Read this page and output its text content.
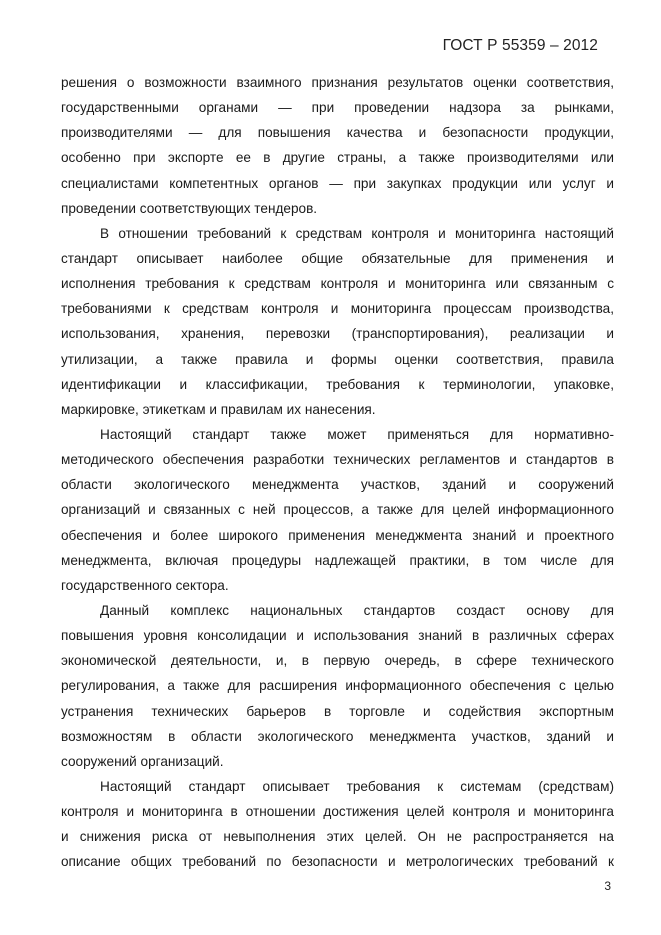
ГОСТ Р 55359 – 2012
решения о возможности взаимного признания результатов оценки соответствия,
государственными органами — при проведении надзора за рынками,
производителями — для повышения качества и безопасности продукции,
особенно при экспорте ее в другие страны, а также производителями или
специалистами компетентных органов — при закупках продукции или услуг и
проведении соответствующих тендеров.
В отношении требований к средствам контроля и мониторинга настоящий
стандарт описывает наиболее общие обязательные для применения и
исполнения требования к средствам контроля и мониторинга или связанным с
требованиями к средствам контроля и мониторинга процессам производства,
использования, хранения, перевозки (транспортирования), реализации и
утилизации, а также правила и формы оценки соответствия, правила
идентификации и классификации, требования к терминологии, упаковке,
маркировке, этикеткам и правилам их нанесения.
Настоящий стандарт также может применяться для нормативно-
методического обеспечения разработки технических регламентов и стандартов в
области экологического менеджмента участков, зданий и сооружений
организаций и связанных с ней процессов, а также для целей информационного
обеспечения и более широкого применения менеджмента знаний и проектного
менеджмента, включая процедуры надлежащей практики, в том числе для
государственного сектора.
Данный комплекс национальных стандартов создаст основу для
повышения уровня консолидации и использования знаний в различных сферах
экономической деятельности, и, в первую очередь, в сфере технического
регулирования, а также для расширения информационного обеспечения с целью
устранения технических барьеров в торговле и содействия экспортным
возможностям в области экологического менеджмента участков, зданий и
сооружений организаций.
Настоящий стандарт описывает требования к системам (средствам)
контроля и мониторинга в отношении достижения целей контроля и мониторинга
и снижения риска от невыполнения этих целей. Он не распространяется на
описание общих требований по безопасности и метрологических требований к
3
